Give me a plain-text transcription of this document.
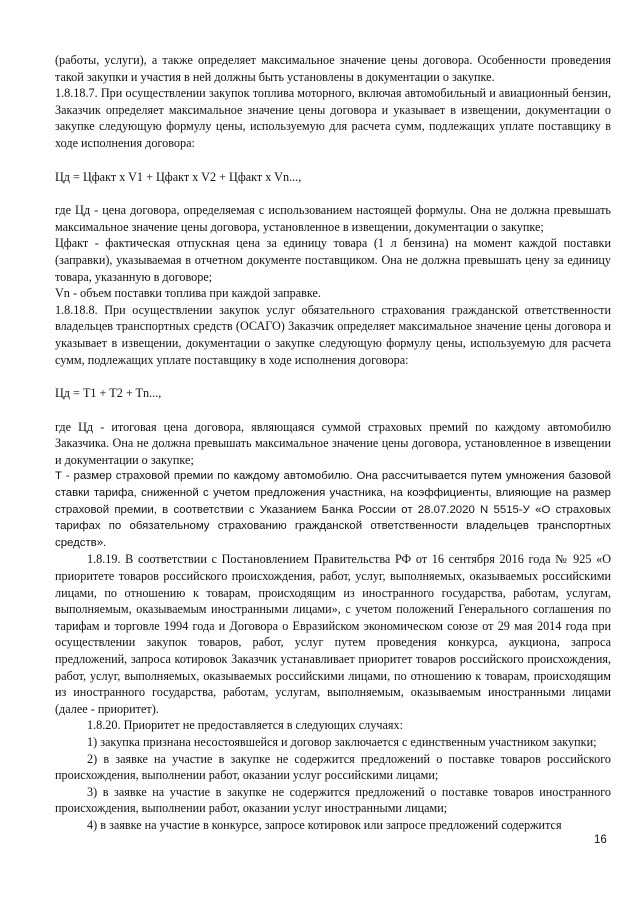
(работы, услуги), а также определяет максимальное значение цены договора. Особенности проведения такой закупки и участия в ней должны быть установлены в документации о закупке.

1.8.18.7. При осуществлении закупок топлива моторного, включая автомобильный и авиационный бензин, Заказчик определяет максимальное значение цены договора и указывает в извещении, документации о закупке следующую формулу цены, используемую для расчета сумм, подлежащих уплате поставщику в ходе исполнения договора:

Цд = Цфакт x V1 + Цфакт x V2 + Цфакт x Vn...,

где Цд - цена договора, определяемая с использованием настоящей формулы. Она не должна превышать максимальное значение цены договора, установленное в извещении, документации о закупке;

Цфакт - фактическая отпускная цена за единицу товара (1 л бензина) на момент каждой поставки (заправки), указываемая в отчетном документе поставщиком. Она не должна превышать цену за единицу товара, указанную в договоре;

Vn - объем поставки топлива при каждой заправке.

1.8.18.8. При осуществлении закупок услуг обязательного страхования гражданской ответственности владельцев транспортных средств (ОСАГО) Заказчик определяет максимальное значение цены договора и указывает в извещении, документации о закупке следующую формулу цены, используемую для расчета сумм, подлежащих уплате поставщику в ходе исполнения договора:

Цд = T1 + T2 + Tn...,

где Цд - итоговая цена договора, являющаяся суммой страховых премий по каждому автомобилю Заказчика. Она не должна превышать максимальное значение цены договора, установленное в извещении и документации о закупке;

T - размер страховой премии по каждому автомобилю. Она рассчитывается путем умножения базовой ставки тарифа, сниженной с учетом предложения участника, на коэффициенты, влияющие на размер страховой премии, в соответствии с Указанием Банка России от 28.07.2020 N 5515-У «О страховых тарифах по обязательному страхованию гражданской ответственности владельцев транспортных средств».

1.8.19. В соответствии с Постановлением Правительства РФ от 16 сентября 2016 года № 925 «О приоритете товаров российского происхождения, работ, услуг, выполняемых, оказываемых российскими лицами, по отношению к товарам, происходящим из иностранного государства, работам, услугам, выполняемым, оказываемым иностранными лицами», с учетом положений Генерального соглашения по тарифам и торговле 1994 года и Договора о Евразийском экономическом союзе от 29 мая 2014 года при осуществлении закупок товаров, работ, услуг путем проведения конкурса, аукциона, запроса предложений, запроса котировок Заказчик устанавливает приоритет товаров российского происхождения, работ, услуг, выполняемых, оказываемых российскими лицами, по отношению к товарам, происходящим из иностранного государства, работам, услугам, выполняемым, оказываемым иностранными лицами (далее - приоритет).

1.8.20. Приоритет не предоставляется в следующих случаях:

1) закупка признана несостоявшейся и договор заключается с единственным участником закупки;

2) в заявке на участие в закупке не содержится предложений о поставке товаров российского происхождения, выполнении работ, оказании услуг российскими лицами;

3) в заявке на участие в закупке не содержится предложений о поставке товаров иностранного происхождения, выполнении работ, оказании услуг иностранными лицами;

4) в заявке на участие в конкурсе, запросе котировок или запросе предложений содержится

16
